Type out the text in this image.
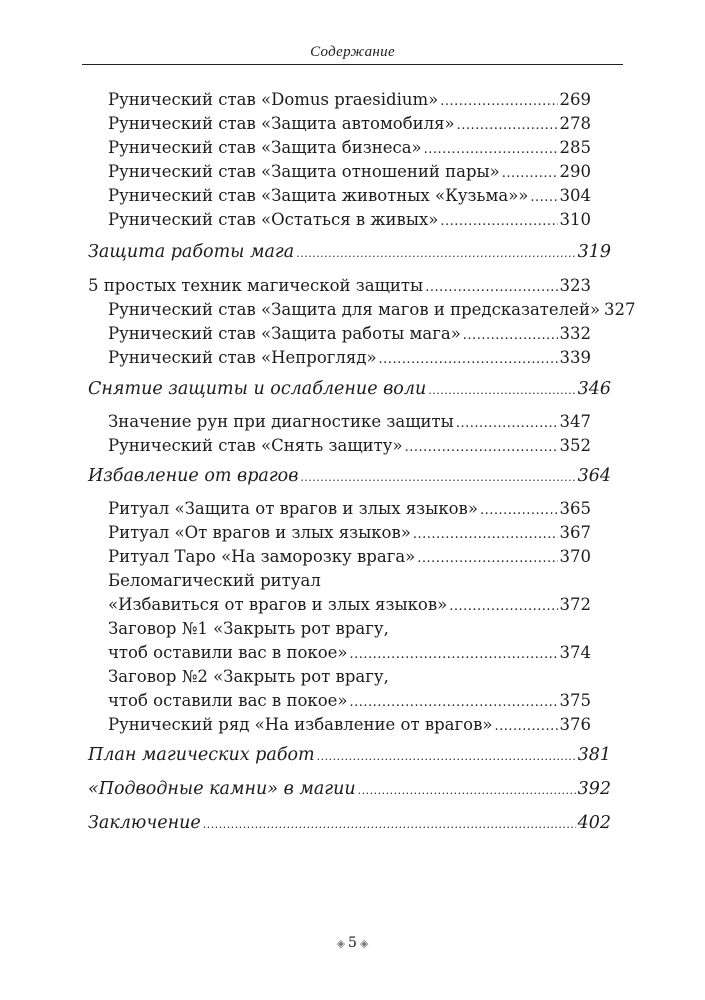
Содержание
Рунический став «Domus praesidium» .....	269
Рунический став «Защита автомобиля» .....	278
Рунический став «Защита бизнеса» .....	285
Рунический став «Защита отношений пары» .....	290
Рунический став «Защита животных «Кузьма»» ..... 304
Рунический став «Остаться в живых» .....	310
Защита работы мага .....	319
5 простых техник магической защиты .....	323
Рунический став «Защита для магов и предсказателей» 327
Рунический став «Защита работы мага» .....	332
Рунический став «Непрогляд» .....	339
Снятие защиты и ослабление воли .....	346
Значение рун при диагностике защиты .....	347
Рунический став «Снять защиту» .....	352
Избавление от врагов .....	364
Ритуал «Защита от врагов и злых языков» .....	365
Ритуал «От врагов и злых языков» .....	367
Ритуал Таро «На заморозку врага» .....	370
Беломагический ритуал
«Избавиться от врагов и злых языков» .....	372
Заговор №1 «Закрыть рот врагу,
чтоб оставили вас в покое» .....	374
Заговор №2 «Закрыть рот врагу,
чтоб оставили вас в покое» .....	375
Рунический ряд «На избавление от врагов» .....	376
План магических работ .....	381
«Подводные камни» в магии .....	392
Заключение .....	402
◈ 5 ◈
